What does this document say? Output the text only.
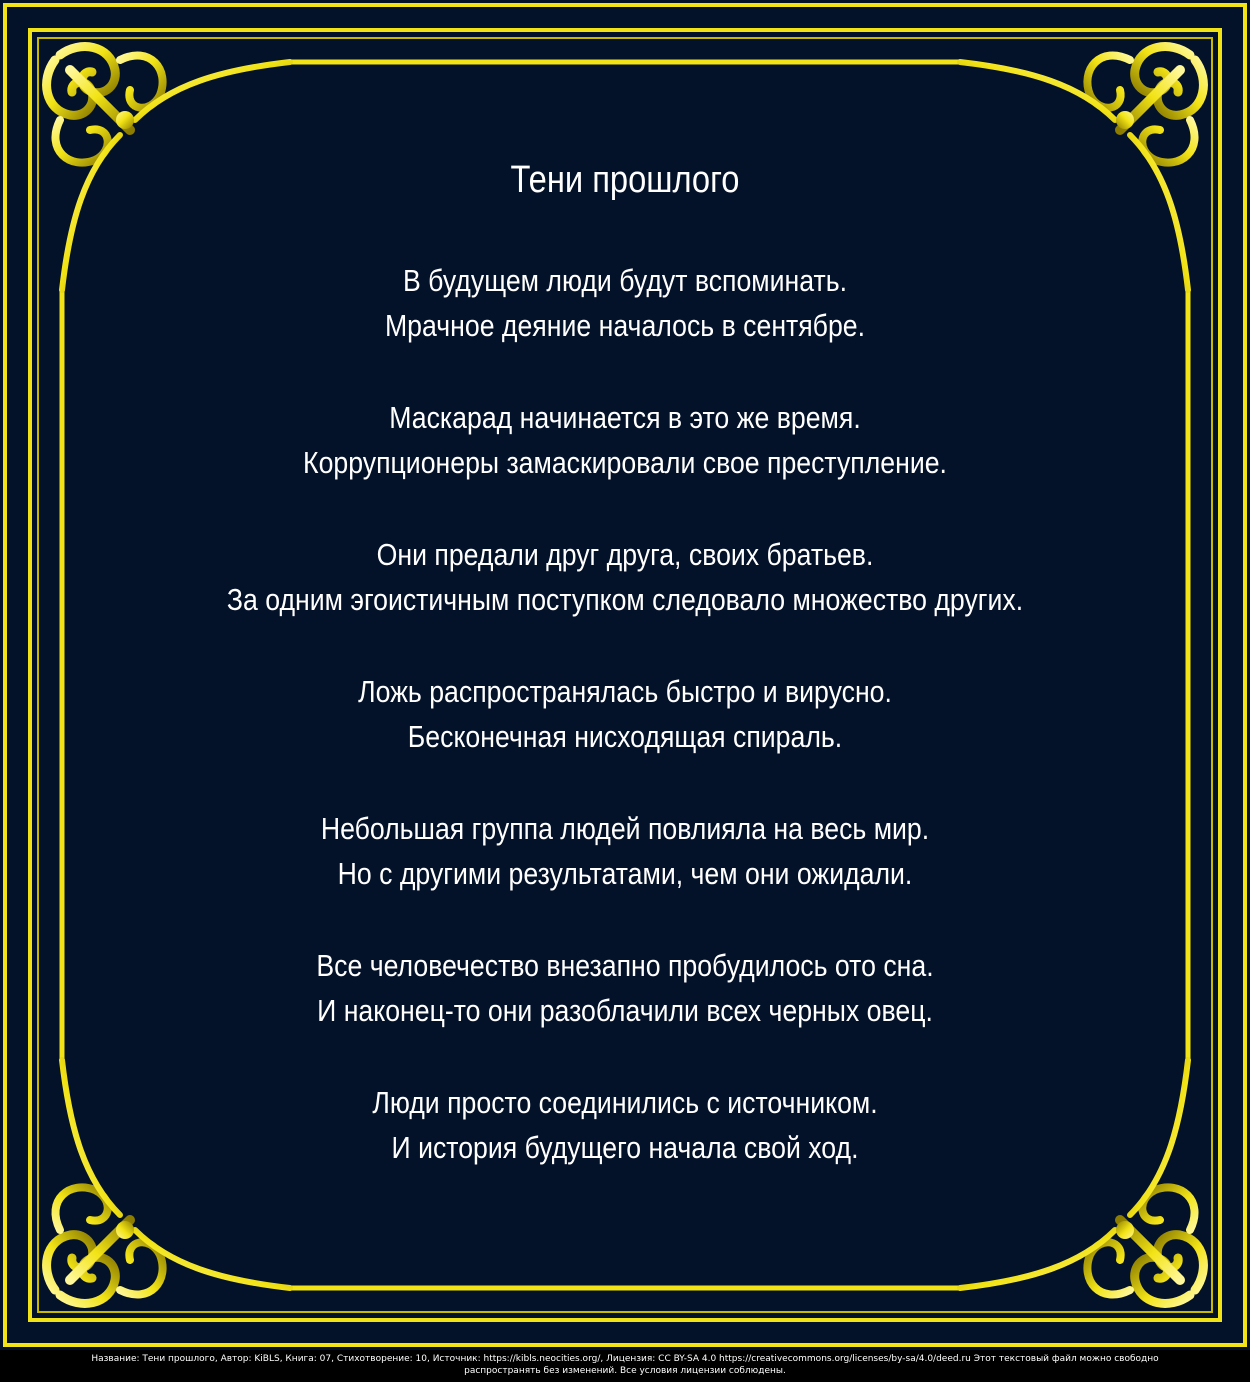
Тени прошлого
В будущем люди будут вспоминать.
Мрачное деяние началось в сентябре.
Маскарад начинается в это же время.
Коррупционеры замаскировали свое преступление.
Они предали друг друга, своих братьев.
За одним эгоистичным поступком следовало множество других.
Ложь распространялась быстро и вирусно.
Бесконечная нисходящая спираль.
Небольшая группа людей повлияла на весь мир.
Но с другими результатами, чем они ожидали.
Все человечество внезапно пробудилось ото сна.
И наконец-то они разоблачили всех черных овец.
Люди просто соединились с источником.
И история будущего начала свой ход.
Название: Тени прошлого, Автор: KiBLS, Книга: 07, Стихотворение: 10, Источник: https://kibls.neocities.org/, Лицензия: CC BY-SA 4.0 https://creativecommons.org/licenses/by-sa/4.0/deed.ru Этот текстовый файл можно свободно
распространять без изменений. Все условия лицензии соблюдены.
